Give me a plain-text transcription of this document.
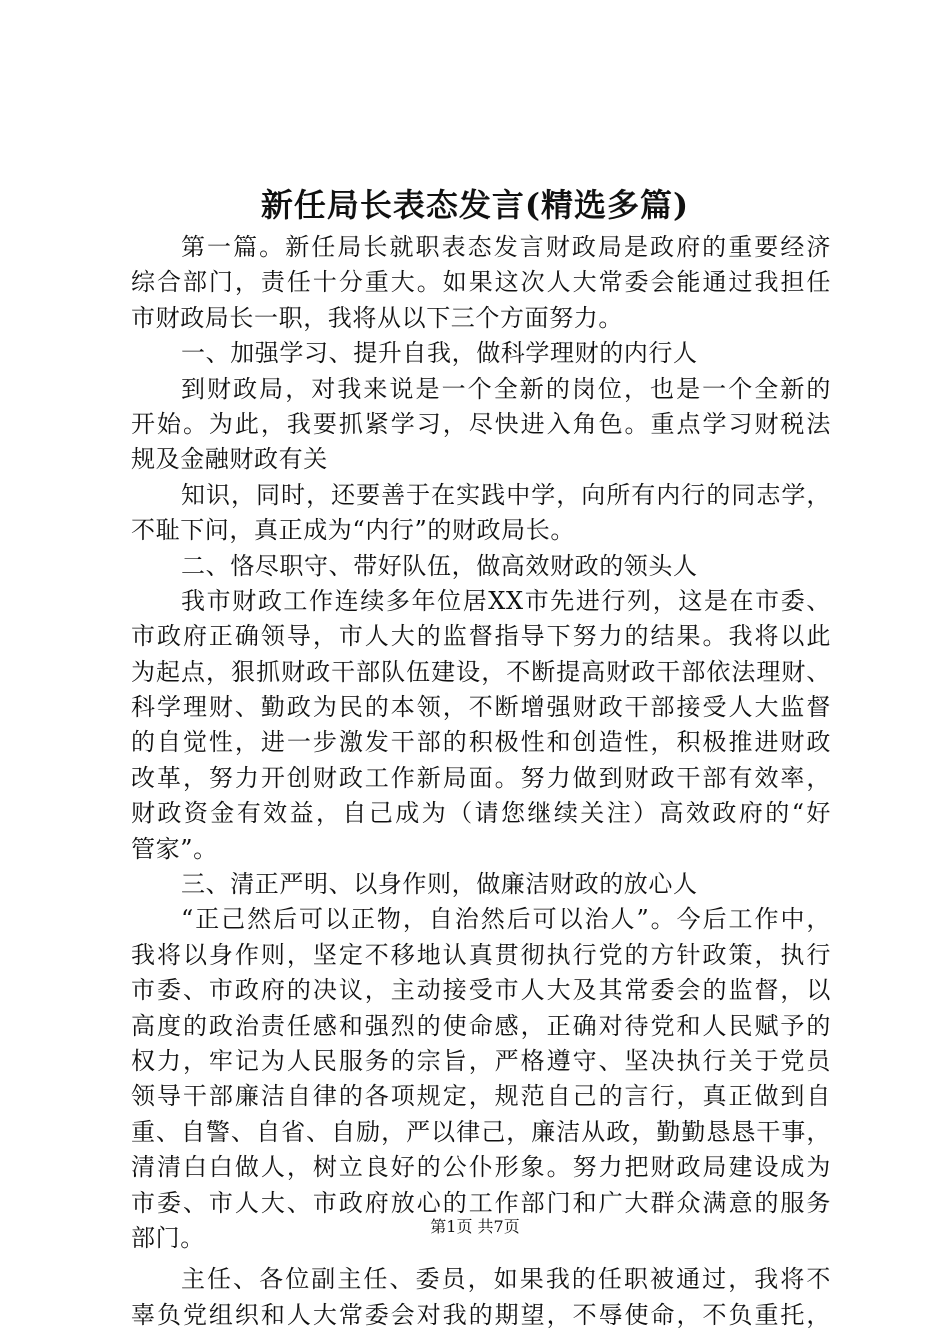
新任局长表态发言(精选多篇)
第一篇。新任局长就职表态发言财政局是政府的重要经济
综合部门，责任十分重大。如果这次人大常委会能通过我担任
市财政局长一职，我将从以下三个方面努力。
一、加强学习、提升自我，做科学理财的内行人
到财政局，对我来说是一个全新的岗位，也是一个全新的
开始。为此，我要抓紧学习，尽快进入角色。重点学习财税法
规及金融财政有关
知识，同时，还要善于在实践中学，向所有内行的同志学，
不耻下问，真正成为“内行”的财政局长。
二、恪尽职守、带好队伍，做高效财政的领头人
我市财政工作连续多年位居XX市先进行列，这是在市委、
市政府正确领导，市人大的监督指导下努力的结果。我将以此
为起点，狠抓财政干部队伍建设，不断提高财政干部依法理财、
科学理财、勤政为民的本领，不断增强财政干部接受人大监督
的自觉性，进一步激发干部的积极性和创造性，积极推进财政
改革，努力开创财政工作新局面。努力做到财政干部有效率，
财政资金有效益，自己成为（请您继续关注）高效政府的“好
管家”。
三、清正严明、以身作则，做廉洁财政的放心人
“正己然后可以正物，自治然后可以治人”。今后工作中，
我将以身作则，坚定不移地认真贯彻执行党的方针政策，执行
市委、市政府的决议，主动接受市人大及其常委会的监督，以
高度的政治责任感和强烈的使命感，正确对待党和人民赋予的
权力，牢记为人民服务的宗旨，严格遵守、坚决执行关于党员
领导干部廉洁自律的各项规定，规范自己的言行，真正做到自
重、自警、自省、自励，严以律己，廉洁从政，勤勤恳恳干事，
清清白白做人，树立良好的公仆形象。努力把财政局建设成为
市委、市人大、市政府放心的工作部门和广大群众满意的服务
部门。
主任、各位副主任、委员，如果我的任职被通过，我将不
辜负党组织和人大常委会对我的期望，不辱使命，不负重托，
第1页 共7页
